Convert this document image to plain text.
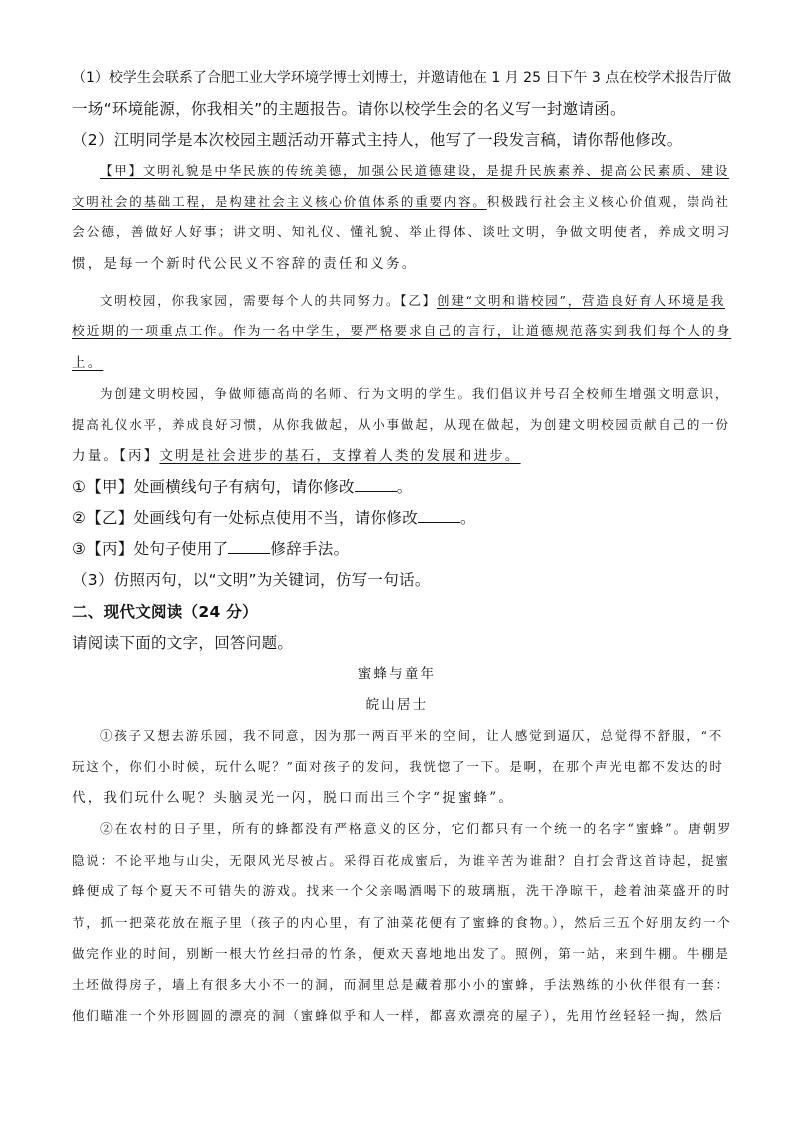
（1）校学生会联系了合肥工业大学环境学博士刘博士，并邀请他在 1 月 25 日下午 3 点在校学术报告厅做
一场“环境能源，你我相关”的主题报告。请你以校学生会的名义写一封邀请函。
（2）江明同学是本次校园主题活动开幕式主持人，他写了一段发言稿，请你帮他修改。
【甲】文明礼貌是中华民族的传统美德，加强公民道德建设，是提升民族素养、提高公民素质、建设
文明社会的基础工程，是构建社会主义核心价值体系的重要内容。积极践行社会主义核心价值观，崇尚社
会公德，善做好人好事；讲文明、知礼仪、懂礼貌、举止得体、谈吐文明，争做文明使者，养成文明习
惯，是每一个新时代公民义不容辞的责任和义务。
文明校园，你我家园，需要每个人的共同努力。【乙】创建“文明和谐校园”，营造良好育人环境是我
校近期的一项重点工作。作为一名中学生，要严格要求自己的言行，让道德规范落实到我们每个人的身
上。
为创建文明校园，争做师德高尚的名师、行为文明的学生。我们倡议并号召全校师生增强文明意识，
提高礼仪水平，养成良好习惯，从你我做起，从小事做起，从现在做起，为创建文明校园贡献自己的一份
力量。【丙】文明是社会进步的基石，支撑着人类的发展和进步。
①【甲】处画横线句子有病句，请你修改	。
②【乙】处画线句有一处标点使用不当，请你修改	。
③【丙】处句子使用了	修辞手法。
（3）仿照丙句，以“文明”为关键词，仿写一句话。
二、现代文阅读（24 分）
请阅读下面的文字，回答问题。
蜜蜂与童年
皖山居士
①孩子又想去游乐园，我不同意，因为那一两百平米的空间，让人感觉到逼仄，总觉得不舒服，“不
玩这个，你们小时候，玩什么呢？”面对孩子的发问，我恍惚了一下。是啊，在那个声光电都不发达的时
代，我们玩什么呢？头脑灵光一闪，脱口而出三个字“捉蜜蜂”。
②在农村的日子里，所有的蜂都没有严格意义的区分，它们都只有一个统一的名字“蜜蜂”。唐朝罗
隐说：不论平地与山尖，无限风光尽被占。采得百花成蜜后，为谁辛苦为谁甜？自打会背这首诗起，捉蜜
蜂便成了每个夏天不可错失的游戏。找来一个父亲喝酒喝下的玻璃瓶，洗干净晾干，趁着油菜盛开的时
节，抓一把菜花放在瓶子里（孩子的内心里，有了油菜花便有了蜜蜂的食物。），然后三五个好朋友约一个
做完作业的时间，别断一根大竹丝扫帚的竹条，便欢天喜地地出发了。照例，第一站，来到牛棚。牛棚是
土坯做得房子，墙上有很多大小不一的洞，而洞里总是藏着那小小的蜜蜂，手法熟练的小伙伴很有一套：
他们瞄准一个外形圆圆的漂亮的洞（蜜蜂似乎和人一样，都喜欢漂亮的屋子），先用竹丝轻轻一掏，然后
